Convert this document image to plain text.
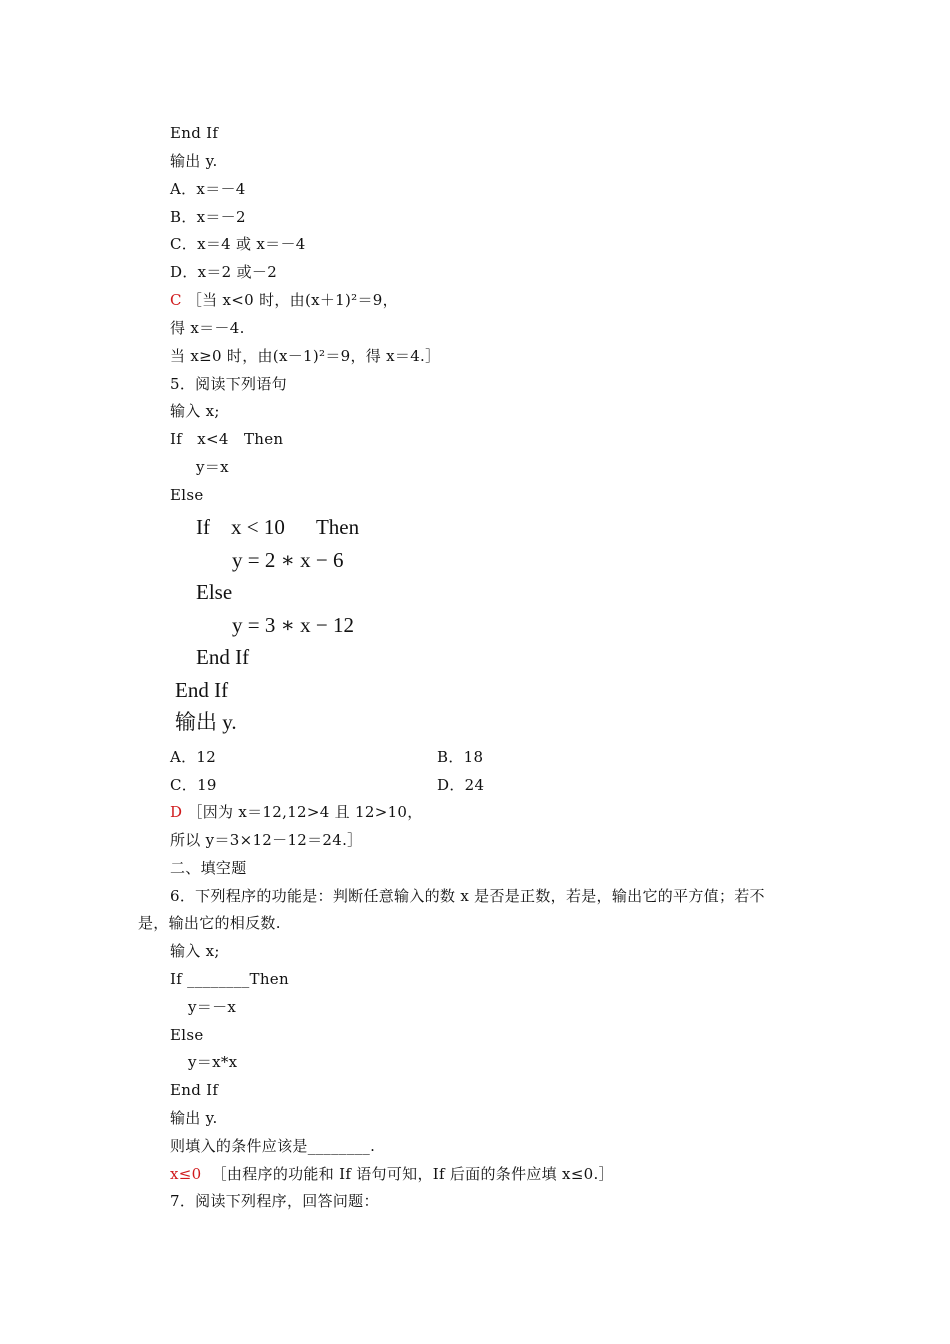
End If
输出 y.
A．x＝－4
B．x＝－2
C．x＝4 或 x＝－4
D．x＝2 或－2
C ［当 x<0 时，由(x＋1)²＝9，
得 x＝－4.
当 x≥0 时，由(x－1)²＝9，得 x＝4.］
5．阅读下列语句
输入 x;
If   x<4   Then
y＝x
Else
If    x < 10      Then
y = 2 ∗ x − 6
Else
y = 3 ∗ x − 12
End If
End If
输出 y.
A．12	B．18
C．19	D．24
D ［因为 x＝12,12>4 且 12>10，
所以 y＝3×12－12＝24.］
二、填空题
6．下列程序的功能是：判断任意输入的数 x 是否是正数，若是，输出它的平方值；若不
是，输出它的相反数.
输入 x;
If ________Then
y＝－x
Else
y＝x*x
End If
输出 y.
则填入的条件应该是________.
x≤0 ［由程序的功能和 If 语句可知，If 后面的条件应填 x≤0.］
7．阅读下列程序，回答问题：
